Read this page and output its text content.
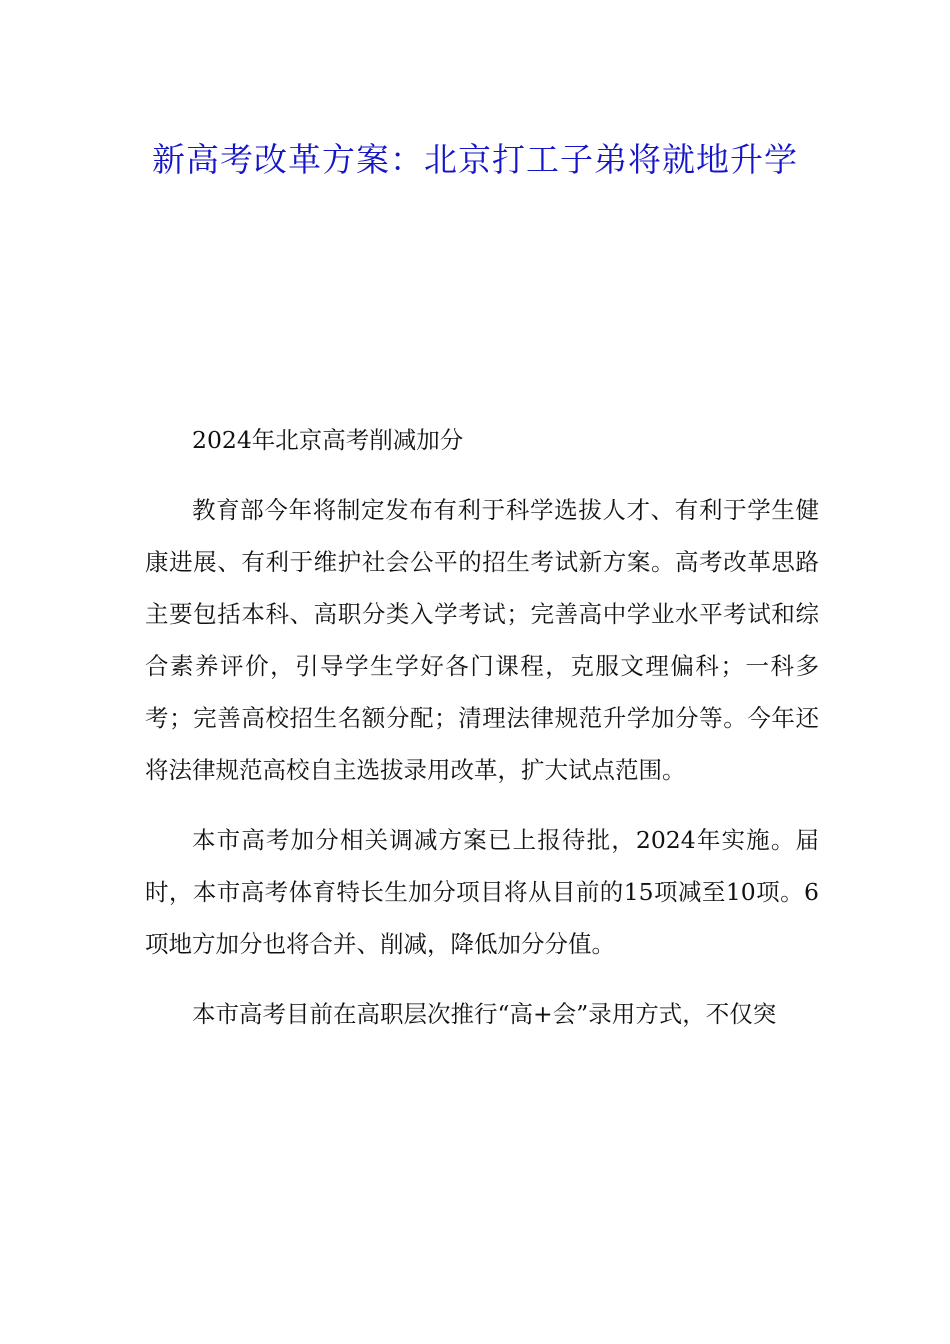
新高考改革方案：北京打工子弟将就地升学

2024年北京高考削减加分

教育部今年将制定发布有利于科学选拔人才、有利于学生健康进展、有利于维护社会公平的招生考试新方案。高考改革思路主要包括本科、高职分类入学考试；完善高中学业水平考试和综合素养评价，引导学生学好各门课程，克服文理偏科；一科多考；完善高校招生名额分配；清理法律规范升学加分等。今年还将法律规范高校自主选拔录用改革，扩大试点范围。

本市高考加分相关调减方案已上报待批，2024年实施。届时，本市高考体育特长生加分项目将从目前的15项减至10项。6项地方加分也将合并、削减，降低加分分值。

本市高考目前在高职层次推行“高+会”录用方式，不仅突
